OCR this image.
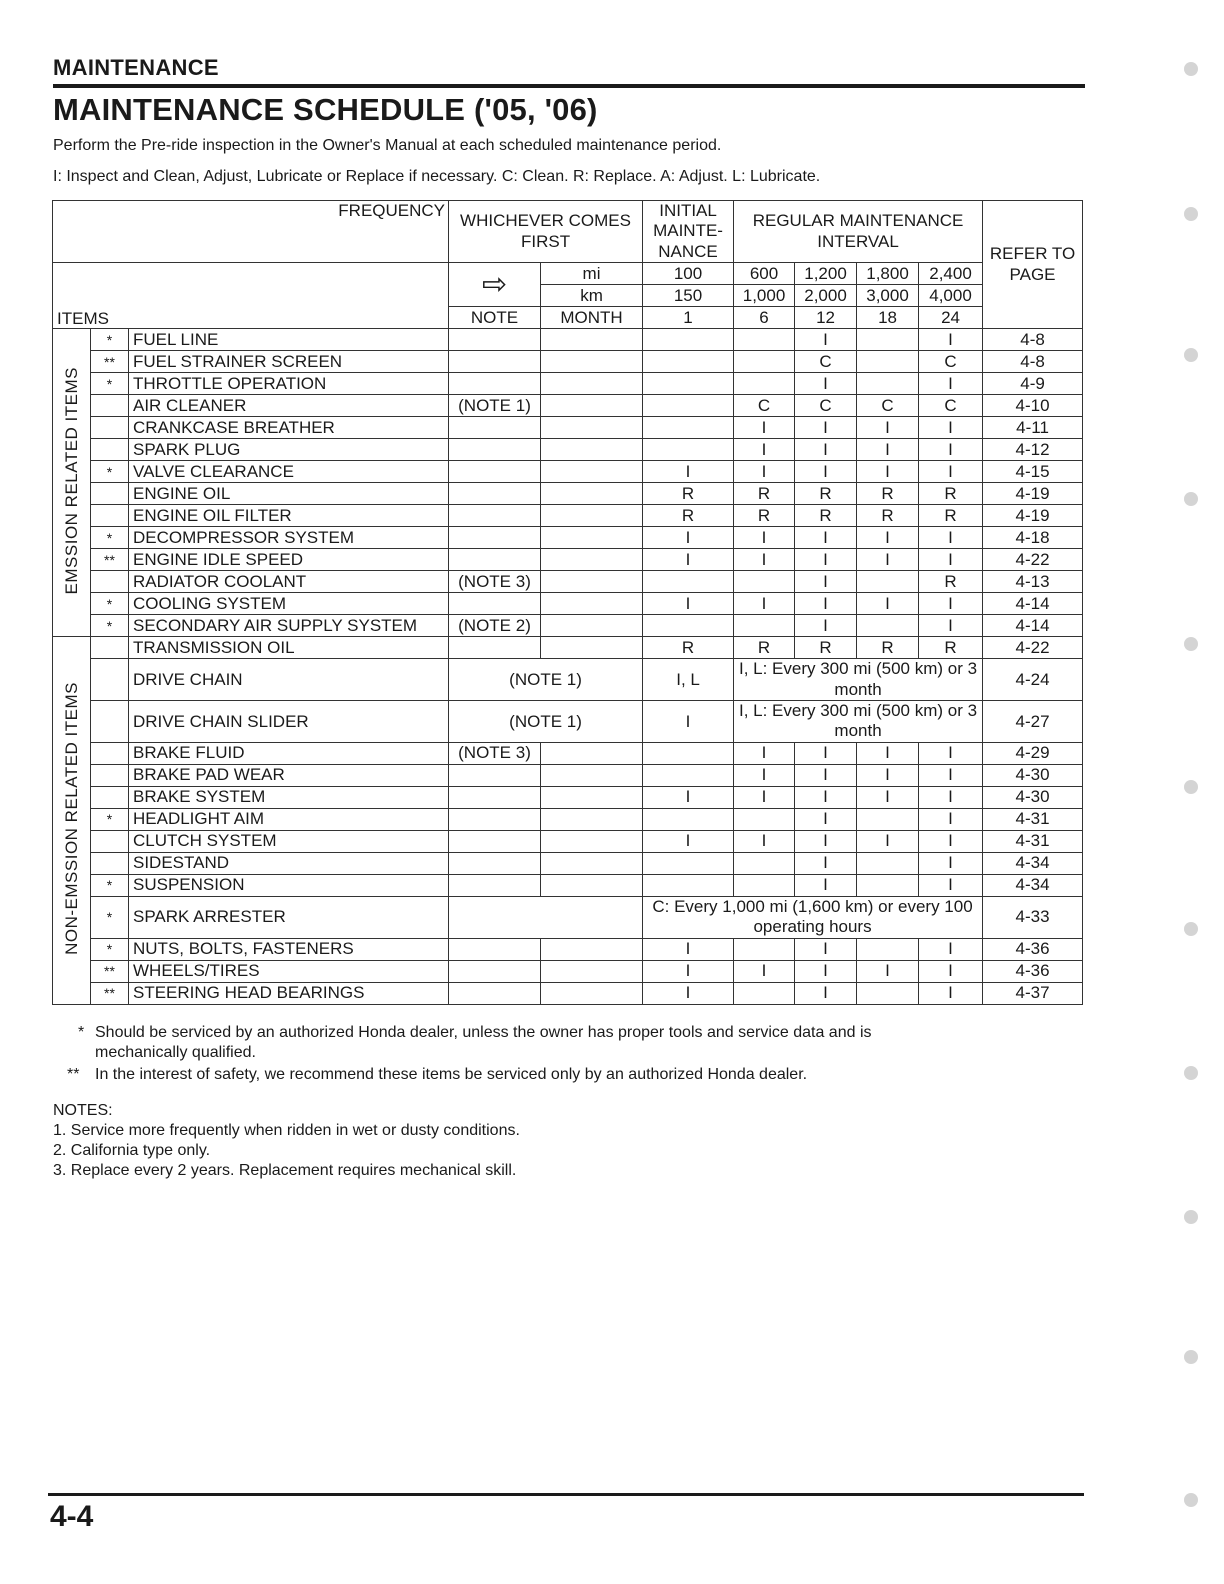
MAINTENANCE
MAINTENANCE SCHEDULE ('05, '06)
Perform the Pre-ride inspection in the Owner's Manual at each scheduled maintenance period.
I: Inspect and Clean, Adjust, Lubricate or Replace if necessary. C: Clean. R: Replace. A: Adjust. L: Lubricate.
FREQUENCY			WHICHEVER COMES FIRST		INITIAL MAINTE- NANCE	REGULAR MAINTENANCE INTERVAL				REFER TO PAGE

ITEMS			⇨	mi	100	600	1,200	1,800	2,400	
				km	150	1,000	2,000	3,000	4,000	
			NOTE	MONTH	1	6	12	18	24	
EMSSION RELATED ITEMS	*	FUEL LINE					I		I	4-8
	**	FUEL STRAINER SCREEN					C		C	4-8
	*	THROTTLE OPERATION					I		I	4-9
		AIR CLEANER	(NOTE 1)			C	C	C	C	4-10
		CRANKCASE BREATHER				I	I	I	I	4-11
		SPARK PLUG				I	I	I	I	4-12
	*	VALVE CLEARANCE			I	I	I	I	I	4-15
		ENGINE OIL			R	R	R	R	R	4-19
		ENGINE OIL FILTER			R	R	R	R	R	4-19
	*	DECOMPRESSOR SYSTEM			I	I	I	I	I	4-18
	**	ENGINE IDLE SPEED			I	I	I	I	I	4-22
		RADIATOR COOLANT	(NOTE 3)				I		R	4-13
	*	COOLING SYSTEM			I	I	I	I	I	4-14
	*	SECONDARY AIR SUPPLY SYSTEM	(NOTE 2)				I		I	4-14
NON-EMSSION RELATED ITEMS		TRANSMISSION OIL			R	R	R	R	R	4-22
		DRIVE CHAIN	(NOTE 1)		I, L	I, L: Every 300 mi (500 km) or 3 month				4-24
		DRIVE CHAIN SLIDER	(NOTE 1)		I	I, L: Every 300 mi (500 km) or 3 month				4-27
		BRAKE FLUID	(NOTE 3)			I	I	I	I	4-29
		BRAKE PAD WEAR				I	I	I	I	4-30
		BRAKE SYSTEM			I	I	I	I	I	4-30
	*	HEADLIGHT AIM					I		I	4-31
		CLUTCH SYSTEM			I	I	I	I	I	4-31
		SIDESTAND					I		I	4-34
	*	SUSPENSION					I		I	4-34
	*	SPARK ARRESTER			C: Every 1,000 mi (1,600 km) or every 100 operating hours					4-33
	*	NUTS, BOLTS, FASTENERS			I		I		I	4-36
	**	WHEELS/TIRES			I	I	I	I	I	4-36
	**	STEERING HEAD BEARINGS			I		I		I	4-37
* Should be serviced by an authorized Honda dealer, unless the owner has proper tools and service data and is
mechanically qualified.
** In the interest of safety, we recommend these items be serviced only by an authorized Honda dealer.
NOTES:
1. Service more frequently when ridden in wet or dusty conditions.
2. California type only.
3. Replace every 2 years. Replacement requires mechanical skill.
4-4
